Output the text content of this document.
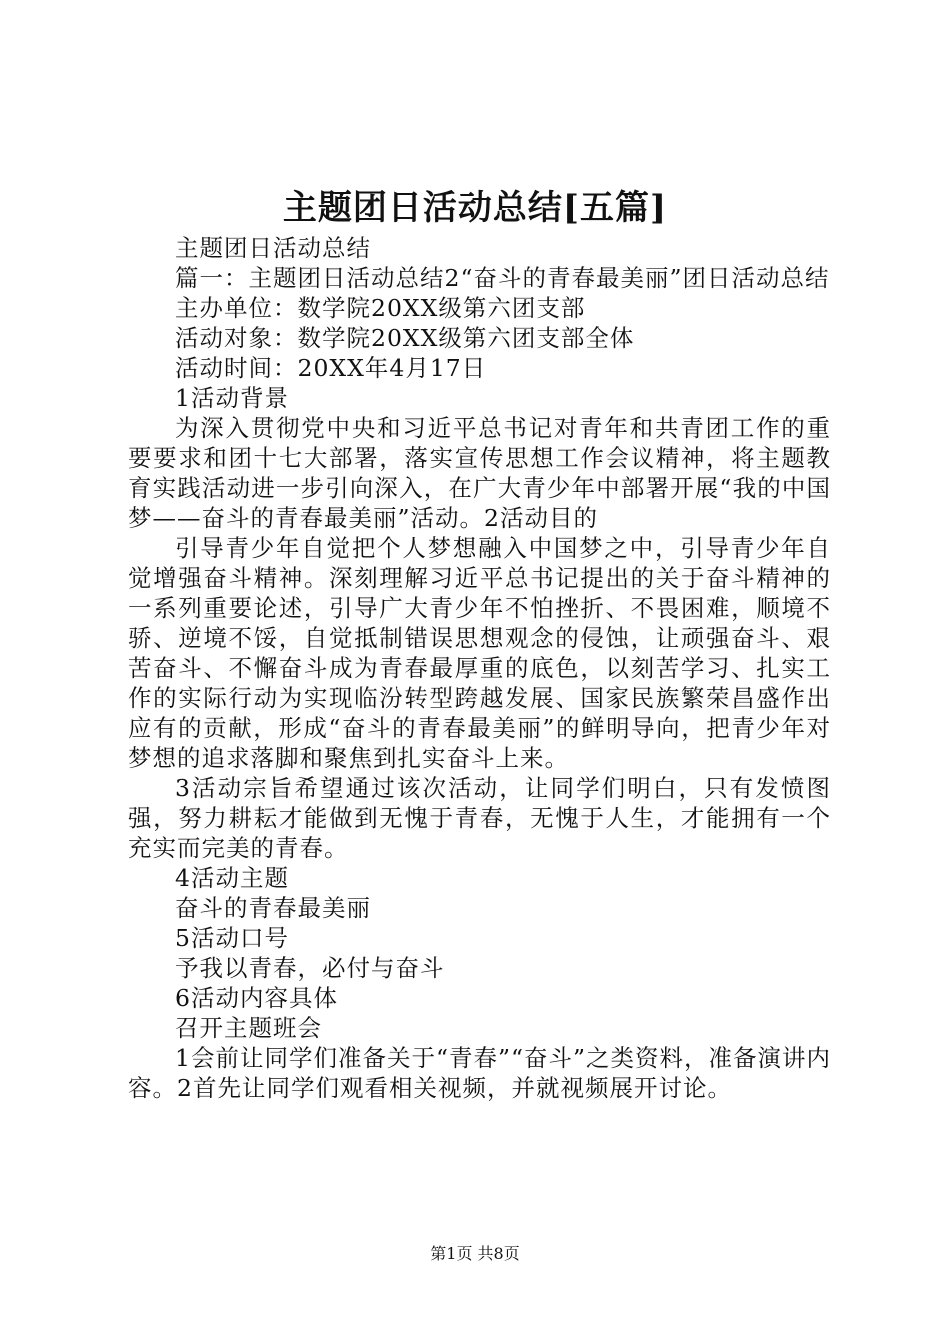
主题团日活动总结[五篇]

主题团日活动总结

篇一：主题团日活动总结2“奋斗的青春最美丽”团日活动总结

主办单位：数学院20XX级第六团支部

活动对象：数学院20XX级第六团支部全体

活动时间：20XX年4月17日

1活动背景

为深入贯彻党中央和习近平总书记对青年和共青团工作的重要要求和团十七大部署，落实宣传思想工作会议精神，将主题教育实践活动进一步引向深入，在广大青少年中部署开展“我的中国梦——奋斗的青春最美丽”活动。2活动目的

引导青少年自觉把个人梦想融入中国梦之中，引导青少年自觉增强奋斗精神。深刻理解习近平总书记提出的关于奋斗精神的一系列重要论述，引导广大青少年不怕挫折、不畏困难，顺境不骄、逆境不馁，自觉抵制错误思想观念的侵蚀，让顽强奋斗、艰苦奋斗、不懈奋斗成为青春最厚重的底色，以刻苦学习、扎实工作的实际行动为实现临汾转型跨越发展、国家民族繁荣昌盛作出应有的贡献，形成“奋斗的青春最美丽”的鲜明导向，把青少年对梦想的追求落脚和聚焦到扎实奋斗上来。

3活动宗旨希望通过该次活动，让同学们明白，只有发愤图强，努力耕耘才能做到无愧于青春，无愧于人生，才能拥有一个充实而完美的青春。

4活动主题

奋斗的青春最美丽

5活动口号

予我以青春，必付与奋斗

6活动内容具体

召开主题班会

1会前让同学们准备关于“青春”“奋斗”之类资料，准备演讲内容。2首先让同学们观看相关视频，并就视频展开讨论。

第1页 共8页
